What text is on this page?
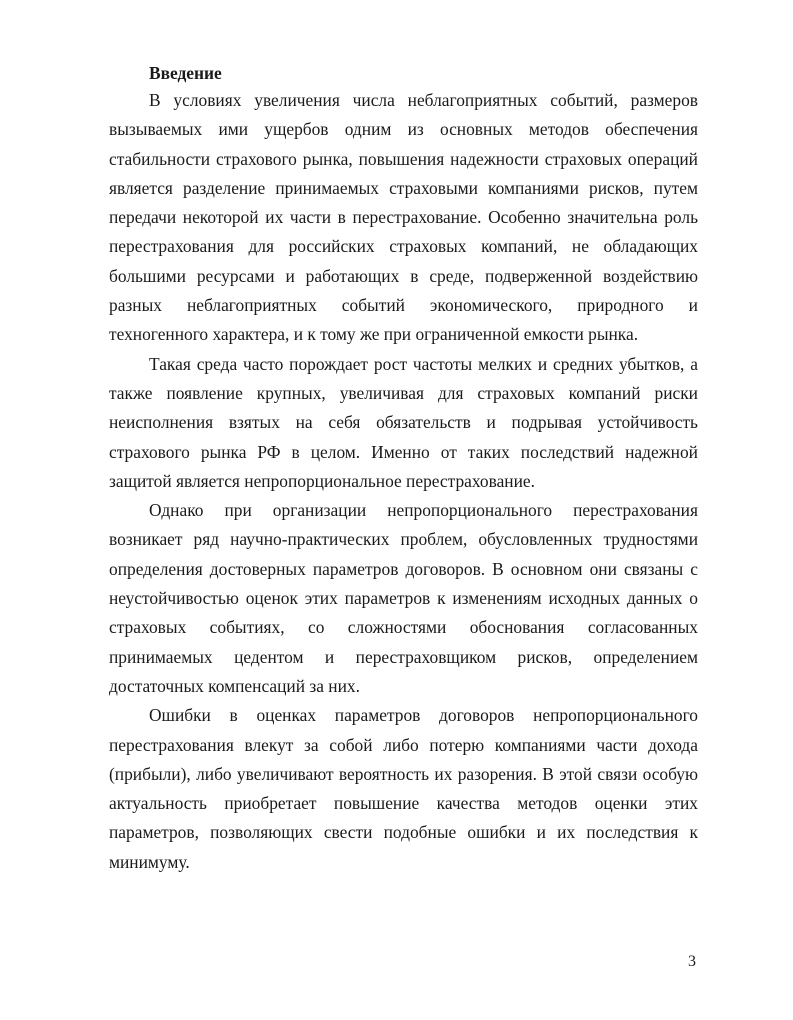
Введение

В условиях увеличения числа неблагоприятных событий, размеров вызываемых ими ущербов одним из основных методов обеспечения стабильности страхового рынка, повышения надежности страховых операций является разделение принимаемых страховыми компаниями рисков, путем передачи некоторой их части в перестрахование. Особенно значительна роль перестрахования для российских страховых компаний, не обладающих большими ресурсами и работающих в среде, подверженной воздействию разных неблагоприятных событий экономического, природного и техногенного характера, и к тому же при ограниченной емкости рынка.

Такая среда часто порождает рост частоты мелких и средних убытков, а также появление крупных, увеличивая для страховых компаний риски неисполнения взятых на себя обязательств и подрывая устойчивость страхового рынка РФ в целом. Именно от таких последствий надежной защитой является непропорциональное перестрахование.

Однако при организации непропорционального перестрахования возникает ряд научно-практических проблем, обусловленных трудностями определения достоверных параметров договоров. В основном они связаны с неустойчивостью оценок этих параметров к изменениям исходных данных о страховых событиях, со сложностями обоснования согласованных принимаемых цедентом и перестраховщиком рисков, определением достаточных компенсаций за них.

Ошибки в оценках параметров договоров непропорционального перестрахования влекут за собой либо потерю компаниями части дохода (прибыли), либо увеличивают вероятность их разорения. В этой связи особую актуальность приобретает повышение качества методов оценки этих параметров, позволяющих свести подобные ошибки и их последствия к минимуму.

3
